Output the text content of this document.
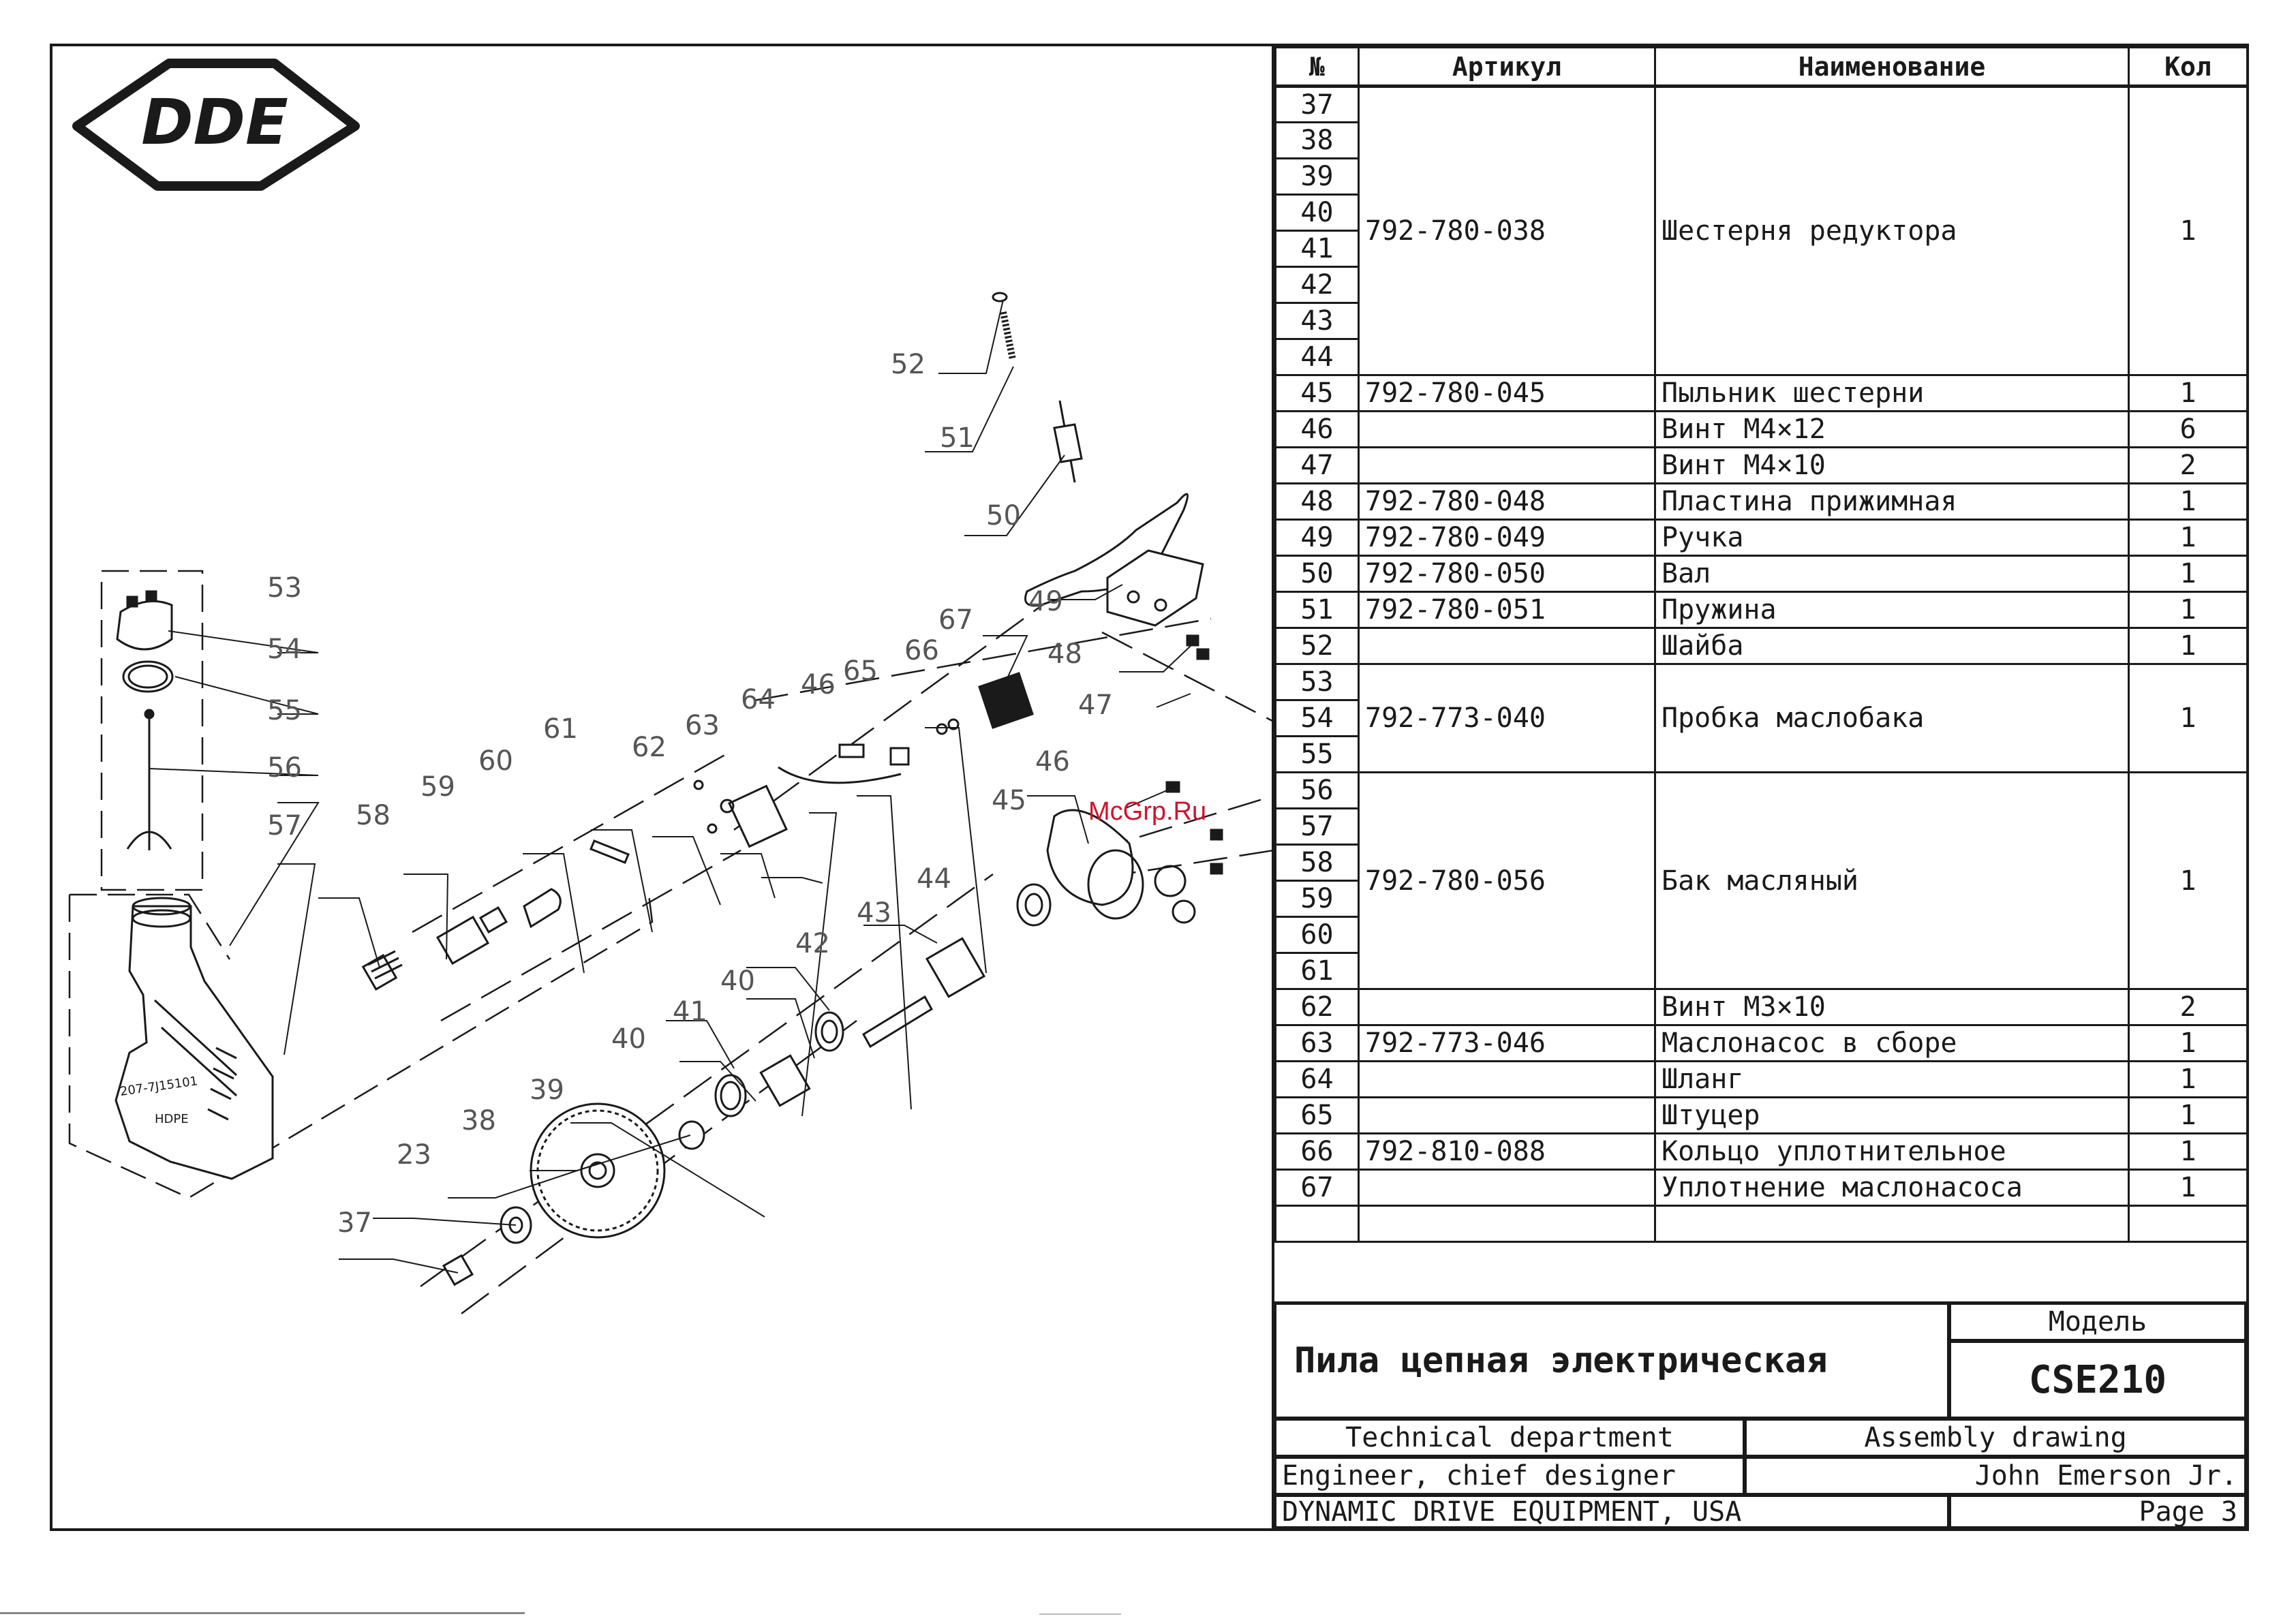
DDE
207-7J15101
HDPE
37
23
38
39
40
41
40
42
43
44
45
46
47
48
49
50
51
52
53
54
55
56
57 58
59
60
61
62
63
64 46 65
66
67
McGrp.Ru
№	Артикул	Наименование	Кол
37	792-780-038	Шестерня редуктора	1
38			
39			
40			
41			
42			
43			
44			
45	792-780-045	Пыльник шестерни	1
46		Винт М4×12	6
47		Винт М4×10	2
48	792-780-048	Пластина прижимная	1
49	792-780-049	Ручка	1
50	792-780-050	Вал	1
51	792-780-051	Пружина	1
52		Шайба	1
53	792-773-040	Пробка маслобака	1
54			
55			
56	792-780-056	Бак масляный	1
57			
58			
59			
60			
61			
62		Винт М3×10	2
63	792-773-046	Маслонасос в сборе	1
64		Шланг	1
65		Штуцер	1
66	792-810-088	Кольцо уплотнительное	1
67		Уплотнение маслонасоса	1

Пила цепная электрическая
Модель
CSE210
Technical department	Assembly drawing
Engineer, chief designer	John Emerson Jr.
DYNAMIC DRIVE EQUIPMENT, USA	Page 3
